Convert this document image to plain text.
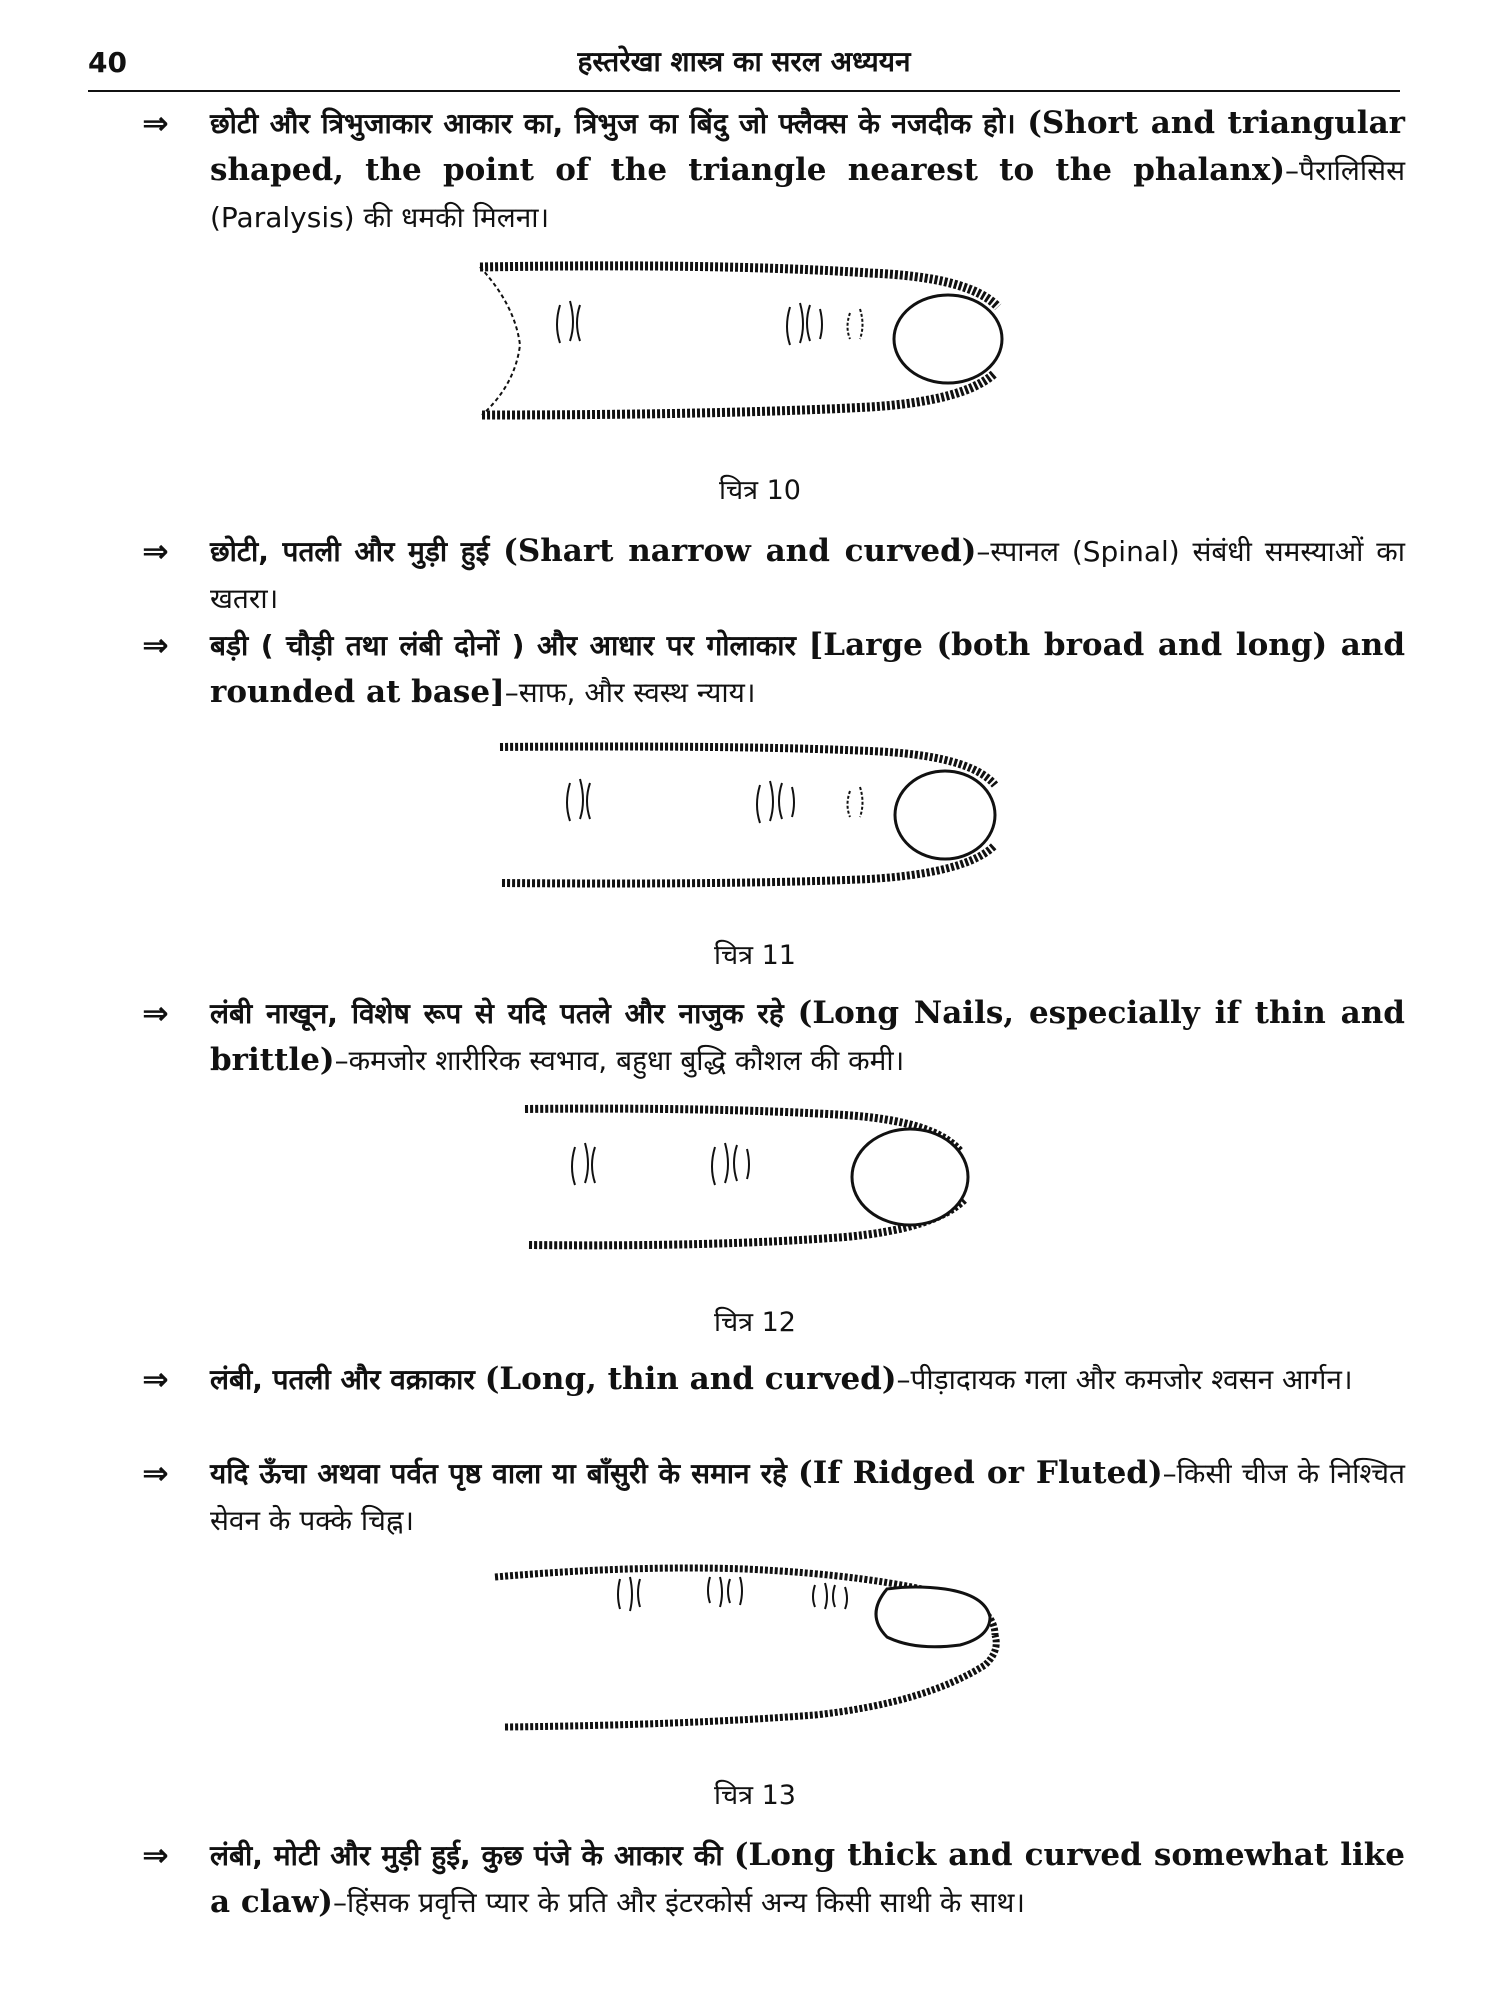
40	हस्तरेखा शास्त्र का सरल अध्ययन
⇒ छोटी और त्रिभुजाकार आकार का, त्रिभुज का बिंदु जो फ्लैक्स के नजदीक हो। (Short and triangular shaped, the point of the triangle nearest to the phalanx)–पैरालिसिस (Paralysis) की धमकी मिलना।
चित्र 10
⇒ छोटी, पतली और मुड़ी हुई (Shart narrow and curved)–स्पानल (Spinal) संबंधी समस्याओं का खतरा।
⇒ बड़ी ( चौड़ी तथा लंबी दोनों ) और आधार पर गोलाकार [Large (both broad and long) and rounded at base]–साफ, और स्वस्थ न्याय।
चित्र 11
⇒ लंबी नाखून, विशेष रूप से यदि पतले और नाजुक रहे (Long Nails, especially if thin and brittle)–कमजोर शारीरिक स्वभाव, बहुधा बुद्धि कौशल की कमी।
चित्र 12
⇒ लंबी, पतली और वक्राकार (Long, thin and curved)–पीड़ादायक गला और कमजोर श्वसन आर्गन।
⇒ यदि ऊँचा अथवा पर्वत पृष्ठ वाला या बाँसुरी के समान रहे (If Ridged or Fluted)–किसी चीज के निश्चित सेवन के पक्के चिह्न।
चित्र 13
⇒ लंबी, मोटी और मुड़ी हुई, कुछ पंजे के आकार की (Long thick and curved somewhat like a claw)–हिंसक प्रवृत्ति प्यार के प्रति और इंटरकोर्स अन्य किसी साथी के साथ।
